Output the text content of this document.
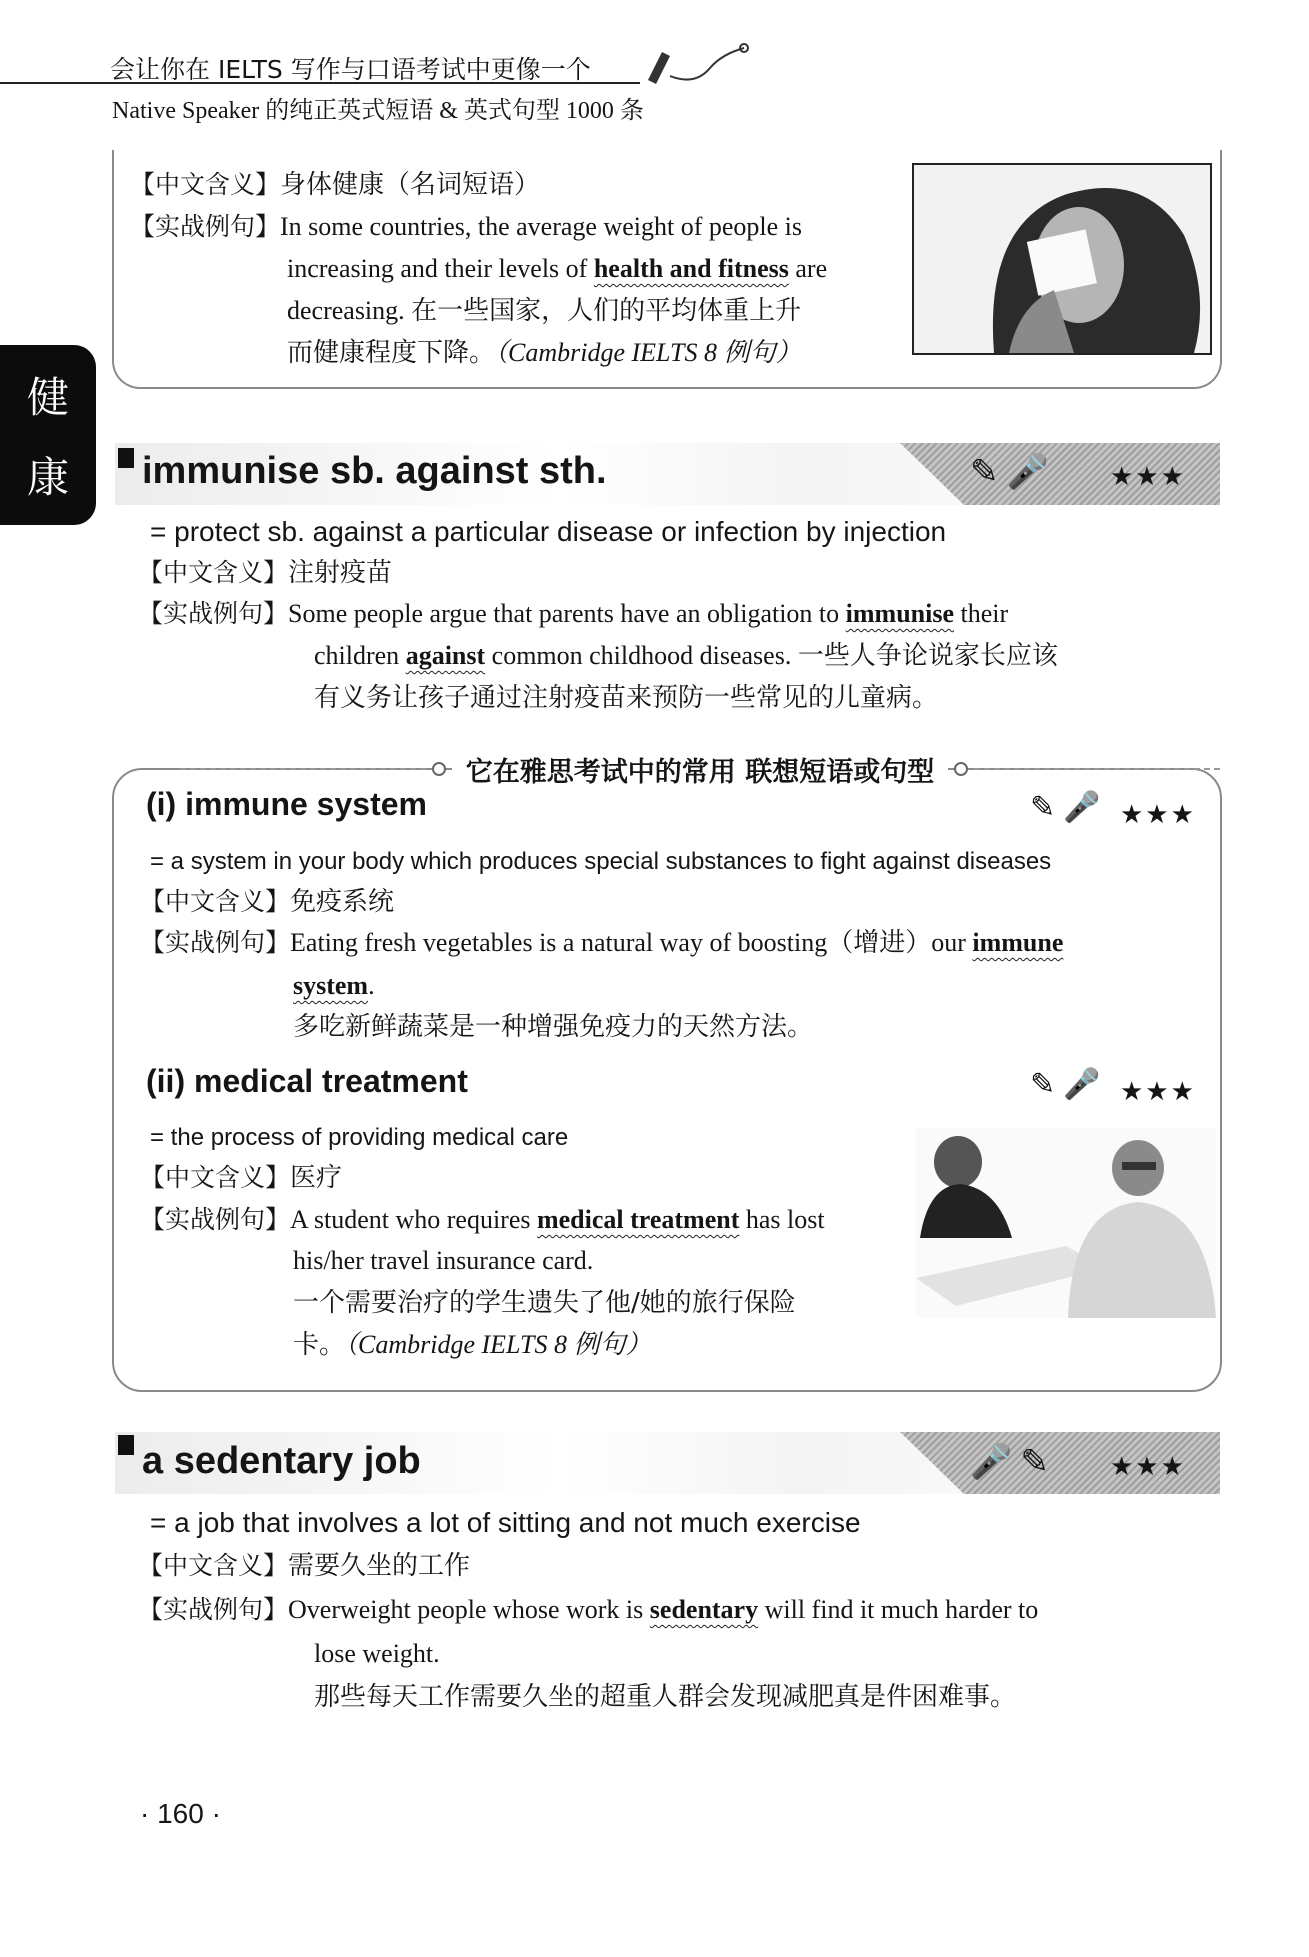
会让你在 IELTS 写作与口语考试中更像一个
Native Speaker 的纯正英式短语 & 英式句型 1000 条
健
康
【中文含义】身体健康（名词短语）
【实战例句】In some countries, the average weight of people is
increasing and their levels of health and fitness are
decreasing. 在一些国家，人们的平均体重上升
而健康程度下降。（Cambridge IELTS 8 例句）
immunise sb. against sth.	✎🎤 ★★★
= protect sb. against a particular disease or infection by injection
【中文含义】注射疫苗
【实战例句】Some people argue that parents have an obligation to immunise their
children against common childhood diseases. 一些人争论说家长应该
有义务让孩子通过注射疫苗来预防一些常见的儿童病。
它在雅思考试中的常用 联想短语或句型
(i) immune system	✎🎤 ★★★
= a system in your body which produces special substances to fight against diseases
【中文含义】免疫系统
【实战例句】Eating fresh vegetables is a natural way of boosting（增进）our immune
system.
多吃新鲜蔬菜是一种增强免疫力的天然方法。
(ii) medical treatment	✎🎤 ★★★
= the process of providing medical care
【中文含义】医疗
【实战例句】A student who requires medical treatment has lost
his/her travel insurance card.
一个需要治疗的学生遗失了他/她的旅行保险
卡。（Cambridge IELTS 8 例句）
a sedentary job	🎤✎ ★★★
= a job that involves a lot of sitting and not much exercise
【中文含义】需要久坐的工作
【实战例句】Overweight people whose work is sedentary will find it much harder to
lose weight.
那些每天工作需要久坐的超重人群会发现减肥真是件困难事。
· 160 ·
